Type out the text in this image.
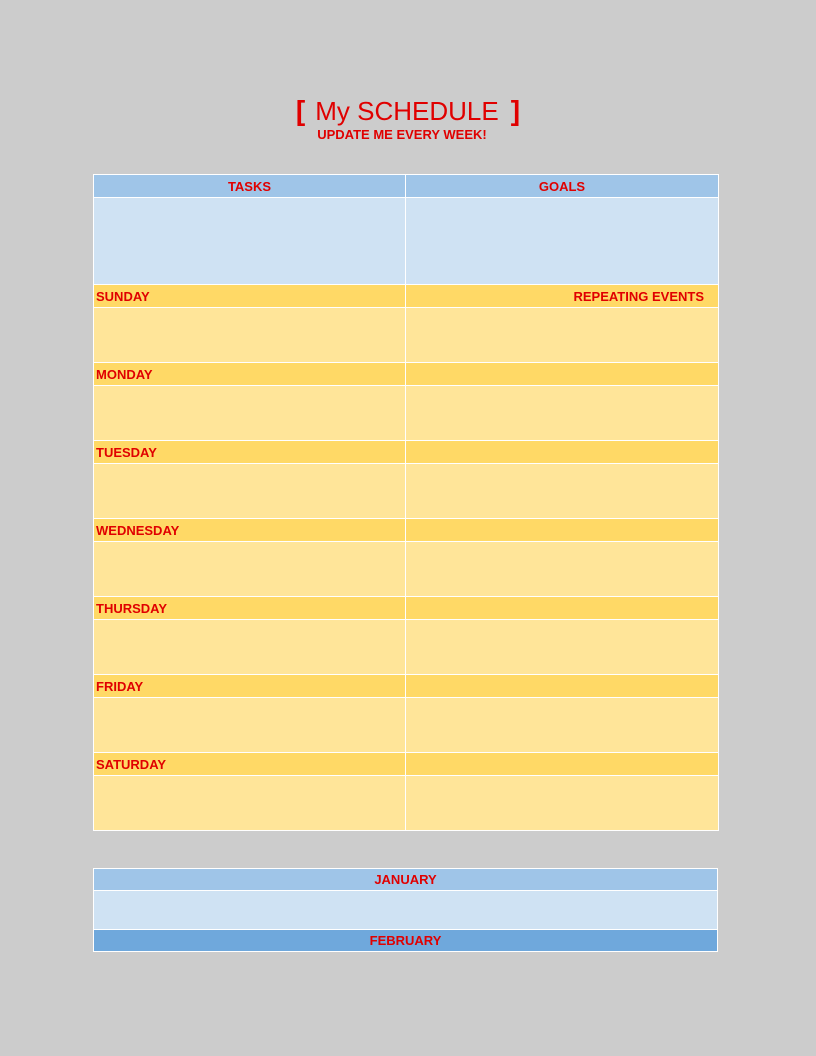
[ My SCHEDULE ]
UPDATE ME EVERY WEEK!
TASKS	GOALS

SUNDAY	REPEATING EVENTS

MONDAY	

TUESDAY	

WEDNESDAY	

THURSDAY	

FRIDAY	

SATURDAY	

JANUARY

FEBRUARY
